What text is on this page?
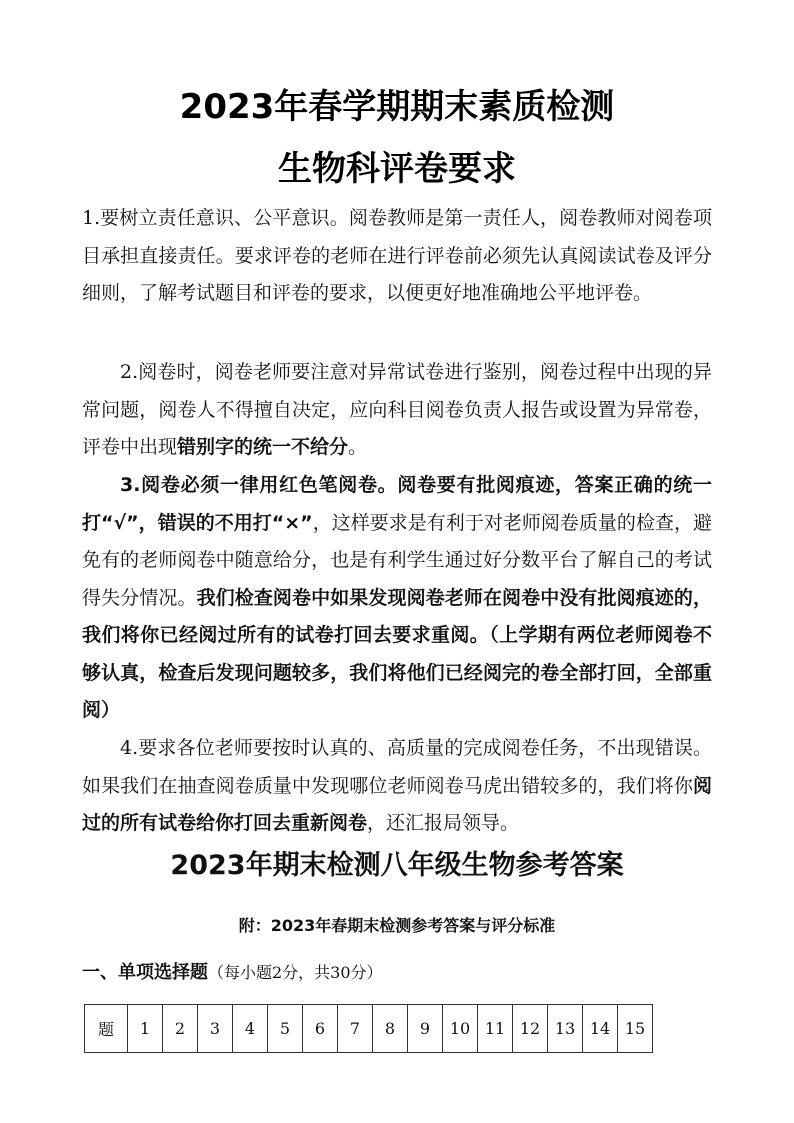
2023年春学期期末素质检测
生物科评卷要求

1.要树立责任意识、公平意识。阅卷教师是第一责任人，阅卷教师对阅卷项目承担直接责任。要求评卷的老师在进行评卷前必须先认真阅读试卷及评分细则，了解考试题目和评卷的要求，以便更好地准确地公平地评卷。

2.阅卷时，阅卷老师要注意对异常试卷进行鉴别，阅卷过程中出现的异常问题，阅卷人不得擅自决定，应向科目阅卷负责人报告或设置为异常卷，评卷中出现错别字的统一不给分。

3.阅卷必须一律用红色笔阅卷。阅卷要有批阅痕迹，答案正确的统一打“√”，错误的不用打“×”，这样要求是有利于对老师阅卷质量的检查，避免有的老师阅卷中随意给分，也是有利学生通过好分数平台了解自己的考试得失分情况。我们检查阅卷中如果发现阅卷老师在阅卷中没有批阅痕迹的，我们将你已经阅过所有的试卷打回去要求重阅。（上学期有两位老师阅卷不够认真，检查后发现问题较多，我们将他们已经阅完的卷全部打回，全部重阅）

4.要求各位老师要按时认真的、高质量的完成阅卷任务，不出现错误。如果我们在抽查阅卷质量中发现哪位老师阅卷马虎出错较多的，我们将你阅过的所有试卷给你打回去重新阅卷，还汇报局领导。

2023年期末检测八年级生物参考答案
附：2023年春期末检测参考答案与评分标准
一、单项选择题（每小题2分，共30分）
题	1	2	3	4	5	6	7	8	9	10	11	12	13	14	15
